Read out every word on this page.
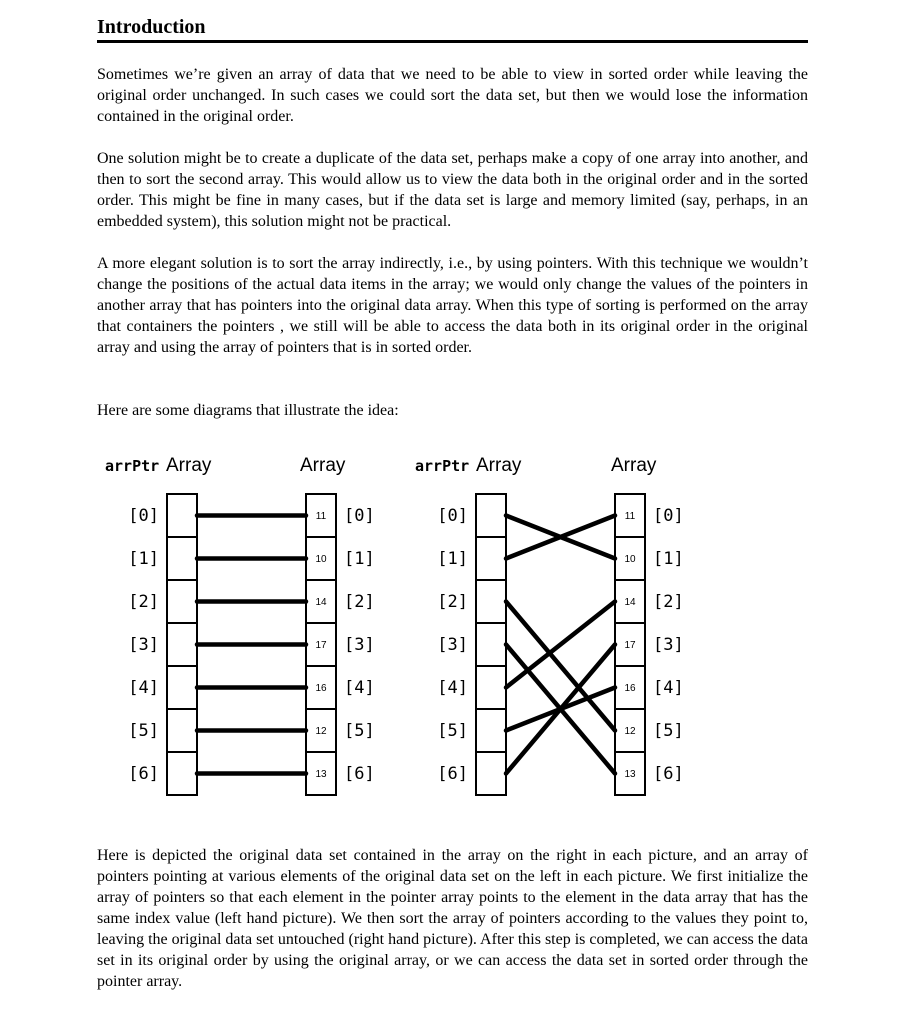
Introduction

Sometimes we’re given an array of data that we need to be able to view in sorted order while leaving the original order unchanged. In such cases we could sort the data set, but then we would lose the information contained in the original order.

One solution might be to create a duplicate of the data set, perhaps make a copy of one array into another, and then to sort the second array. This would allow us to view the data both in the original order and in the sorted order. This might be fine in many cases, but if the data set is large and memory limited (say, perhaps, in an embedded system), this solution might not be practical.

A more elegant solution is to sort the array indirectly, i.e., by using pointers. With this technique we wouldn’t change the positions of the actual data items in the array; we would only change the values of the pointers in another array that has pointers into the original data array. When this type of sorting is performed on the array that containers the pointers , we still will be able to access the data both in its original order in the original array and using the array of pointers that is in sorted order.

Here are some diagrams that illustrate the idea:

arrPtr Array	Array	arrPtr Array	Array
[0]
[1]
[2]
[3]
[4]
[5]
[6]
11 [0]
10 [1]
14 [2]
17 [3]
16 [4]
12 [5]
13 [6]
[0]
[1]
[2]
[3]
[4]
[5]
[6]
11 [0]
10 [1]
14 [2]
17 [3]
16 [4]
12 [5]
13 [6]

Here is depicted the original data set contained in the array on the right in each picture, and an array of pointers pointing at various elements of the original data set on the left in each picture. We first initialize the array of pointers so that each element in the pointer array points to the element in the data array that has the same index value (left hand picture). We then sort the array of pointers according to the values they point to, leaving the original data set untouched (right hand picture). After this step is completed, we can access the data set in its original order by using the original array, or we can access the data set in sorted order through the pointer array.
